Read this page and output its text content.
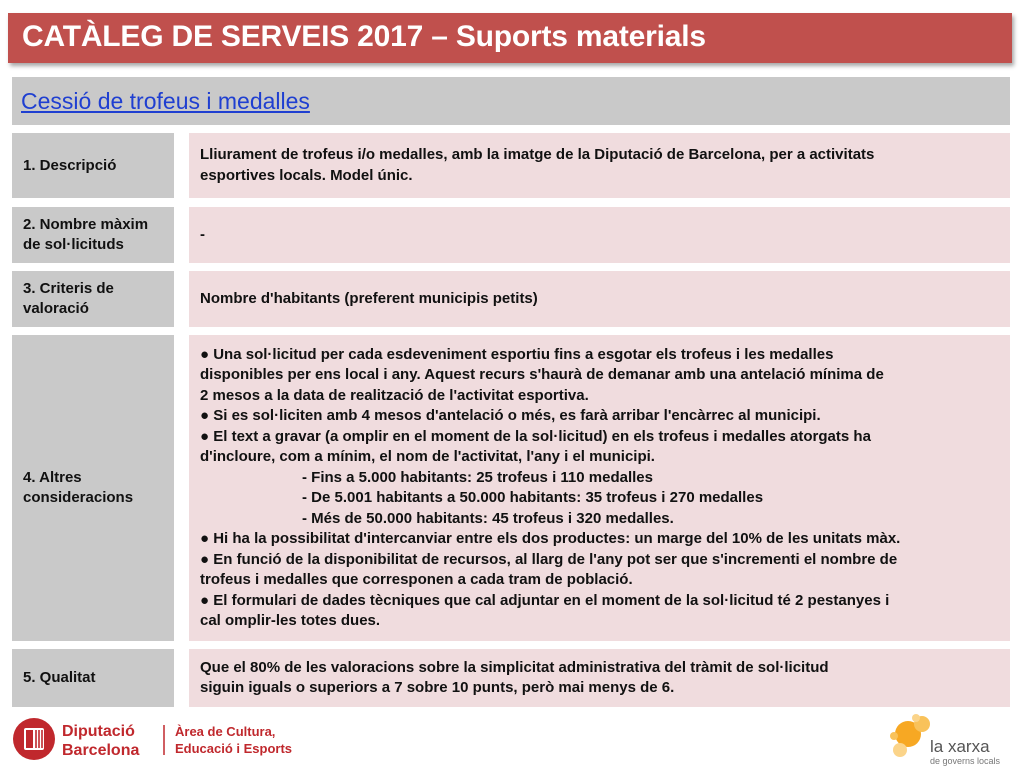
CATÀLEG DE SERVEIS 2017 – Suports materials
Cessió de trofeus i medalles
1. Descripció
Lliurament de trofeus i/o medalles, amb la imatge de la Diputació de Barcelona, per a activitats
esportives locals. Model únic.
2. Nombre màxim de sol·licituds
-
3. Criteris de valoració
Nombre d'habitants (preferent municipis petits)
4. Altres consideracions
● Una sol·licitud per cada esdeveniment esportiu fins a esgotar els trofeus i les medalles
disponibles per ens local i any. Aquest recurs s'haurà de demanar amb una antelació mínima de
2 mesos a la data de realització de l'activitat esportiva.
● Si es sol·liciten amb 4 mesos d'antelació o més, es farà arribar l'encàrrec al municipi.
● El text a gravar (a omplir en el moment de la sol·licitud) en els trofeus i medalles atorgats ha
d'incloure, com a mínim, el nom de l'activitat, l'any i el municipi.
- Fins a 5.000 habitants: 25 trofeus i 110 medalles
- De 5.001 habitants a 50.000 habitants: 35 trofeus i 270 medalles
- Més de 50.000 habitants: 45 trofeus i 320 medalles.
● Hi ha la possibilitat d'intercanviar entre els dos productes: un marge del 10% de les unitats màx.
● En funció de la disponibilitat de recursos, al llarg de l'any pot ser que s'incrementi el nombre de
trofeus i medalles que corresponen a cada tram de població.
● El formulari de dades tècniques que cal adjuntar en el moment de la sol·licitud té 2 pestanyes i
cal omplir-les totes dues.
5. Qualitat
Que el 80% de les valoracions sobre la simplicitat administrativa del tràmit de sol·licitud
siguin iguals o superiors a 7 sobre 10 punts, però mai menys de 6.
Diputació
Barcelona
Àrea de Cultura,
Educació i Esports	la xarxa
de governs locals
